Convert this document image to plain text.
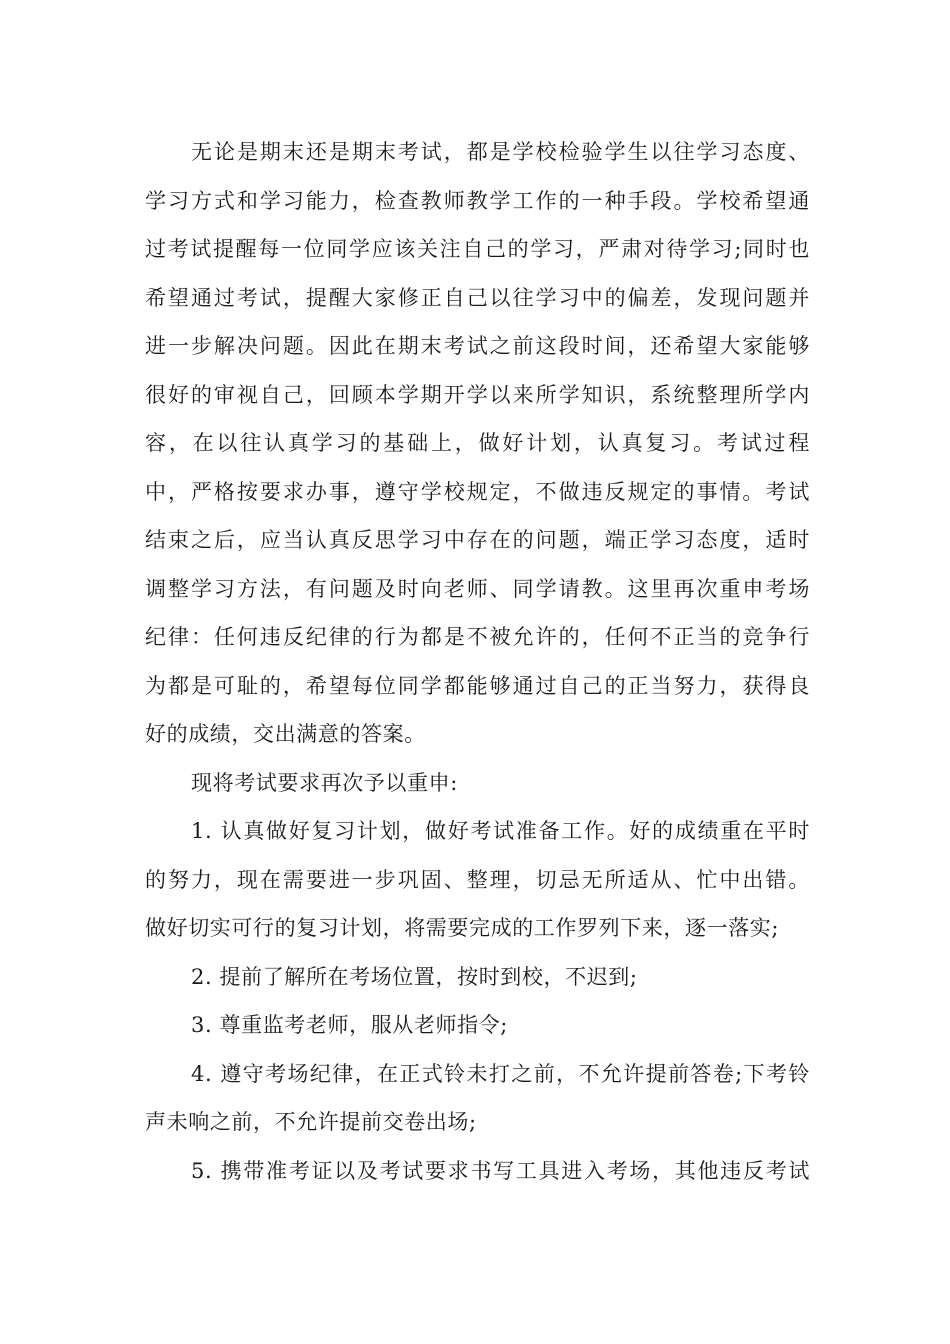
无论是期末还是期末考试，都是学校检验学生以往学习态度、
学习方式和学习能力，检查教师教学工作的一种手段。学校希望通
过考试提醒每一位同学应该关注自己的学习，严肃对待学习;同时也
希望通过考试，提醒大家修正自己以往学习中的偏差，发现问题并
进一步解决问题。因此在期末考试之前这段时间，还希望大家能够
很好的审视自己，回顾本学期开学以来所学知识，系统整理所学内
容，在以往认真学习的基础上，做好计划，认真复习。考试过程
中，严格按要求办事，遵守学校规定，不做违反规定的事情。考试
结束之后，应当认真反思学习中存在的问题，端正学习态度，适时
调整学习方法，有问题及时向老师、同学请教。这里再次重申考场
纪律：任何违反纪律的行为都是不被允许的，任何不正当的竞争行
为都是可耻的，希望每位同学都能够通过自己的正当努力，获得良
好的成绩，交出满意的答案。
现将考试要求再次予以重申:
1. 认真做好复习计划，做好考试准备工作。好的成绩重在平时
的努力，现在需要进一步巩固、整理，切忌无所适从、忙中出错。
做好切实可行的复习计划，将需要完成的工作罗列下来，逐一落实;
2. 提前了解所在考场位置，按时到校，不迟到;
3. 尊重监考老师，服从老师指令;
4. 遵守考场纪律，在正式铃未打之前，不允许提前答卷;下考铃
声未响之前，不允许提前交卷出场;
5. 携带准考证以及考试要求书写工具进入考场，其他违反考试
